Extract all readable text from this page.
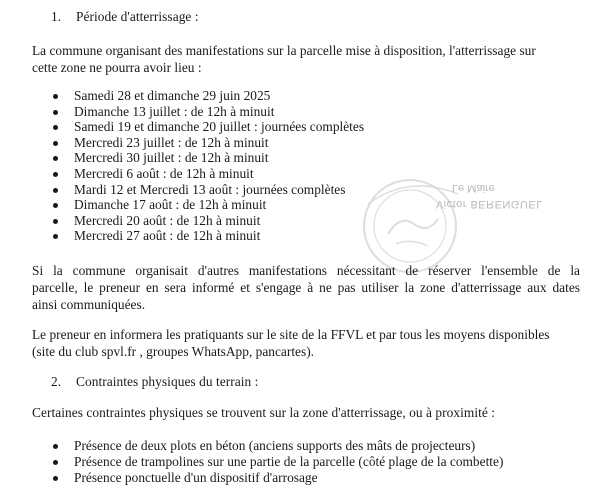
1. Période d'atterrissage :
La commune organisant des manifestations sur la parcelle mise à disposition, l'atterrissage sur
cette zone ne pourra avoir lieu :
Samedi 28 et dimanche 29 juin 2025
Dimanche 13 juillet : de 12h à minuit
Samedi 19 et dimanche 20 juillet : journées complètes
Mercredi 23 juillet : de 12h à minuit
Mercredi 30 juillet : de 12h à minuit
Mercredi 6 août : de 12h à minuit
Mardi 12 et Mercredi 13 août : journées complètes
Dimanche 17 août : de 12h à minuit
Mercredi 20 août : de 12h à minuit
Mercredi 27 août : de 12h à minuit
Le Maire
Victor BERENGUEL
Si la commune organisait d'autres manifestations nécessitant de réserver l'ensemble de la
parcelle, le preneur en sera informé et s'engage à ne pas utiliser la zone d'atterrissage aux dates
ainsi communiquées.
Le preneur en informera les pratiquants sur le site de la FFVL et par tous les moyens disponibles
(site du club spvl.fr , groupes WhatsApp, pancartes).
2. Contraintes physiques du terrain :
Certaines contraintes physiques se trouvent sur la zone d'atterrissage, ou à proximité :
Présence de deux plots en béton (anciens supports des mâts de projecteurs)
Présence de trampolines sur une partie de la parcelle (côté plage de la combette)
Présence ponctuelle d'un dispositif d'arrosage
